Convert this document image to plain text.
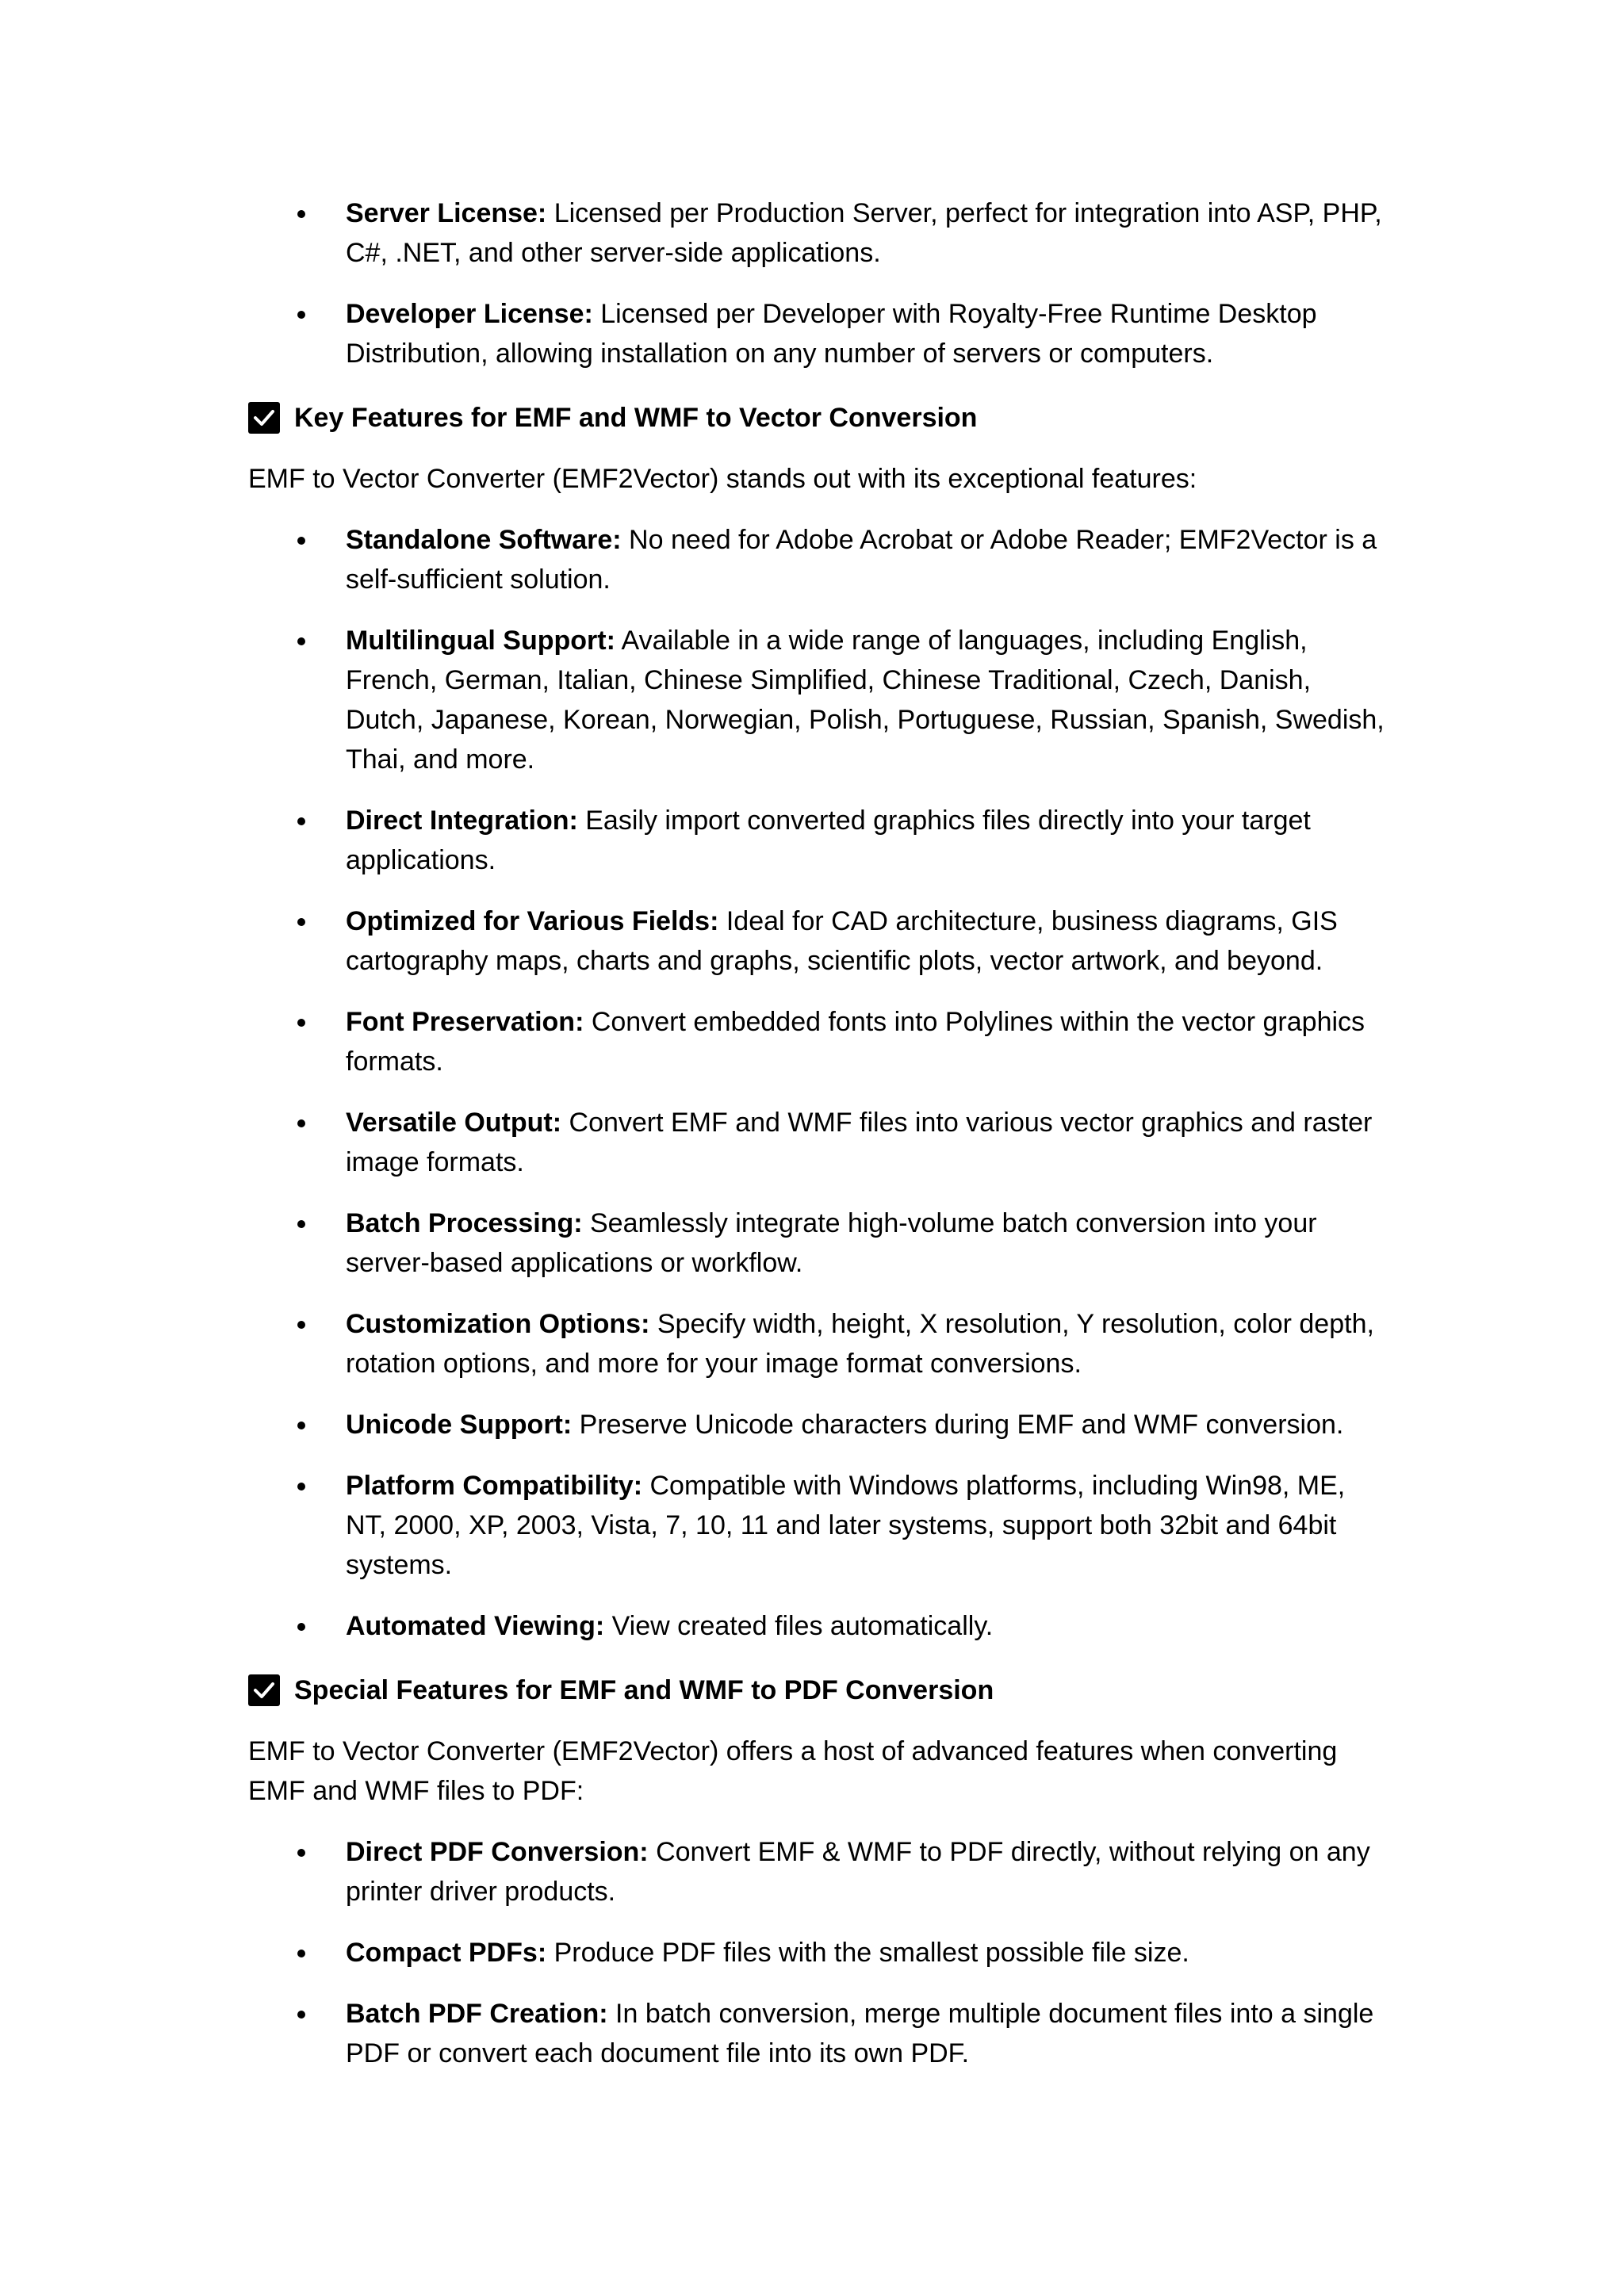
Server License: Licensed per Production Server, perfect for integration into ASP, PHP, C#, .NET, and other server-side applications.
Developer License: Licensed per Developer with Royalty-Free Runtime Desktop Distribution, allowing installation on any number of servers or computers.
Key Features for EMF and WMF to Vector Conversion
EMF to Vector Converter (EMF2Vector) stands out with its exceptional features:
Standalone Software: No need for Adobe Acrobat or Adobe Reader; EMF2Vector is a self-sufficient solution.
Multilingual Support: Available in a wide range of languages, including English, French, German, Italian, Chinese Simplified, Chinese Traditional, Czech, Danish, Dutch, Japanese, Korean, Norwegian, Polish, Portuguese, Russian, Spanish, Swedish, Thai, and more.
Direct Integration: Easily import converted graphics files directly into your target applications.
Optimized for Various Fields: Ideal for CAD architecture, business diagrams, GIS cartography maps, charts and graphs, scientific plots, vector artwork, and beyond.
Font Preservation: Convert embedded fonts into Polylines within the vector graphics formats.
Versatile Output: Convert EMF and WMF files into various vector graphics and raster image formats.
Batch Processing: Seamlessly integrate high-volume batch conversion into your server-based applications or workflow.
Customization Options: Specify width, height, X resolution, Y resolution, color depth, rotation options, and more for your image format conversions.
Unicode Support: Preserve Unicode characters during EMF and WMF conversion.
Platform Compatibility: Compatible with Windows platforms, including Win98, ME, NT, 2000, XP, 2003, Vista, 7, 10, 11 and later systems, support both 32bit and 64bit systems.
Automated Viewing: View created files automatically.
Special Features for EMF and WMF to PDF Conversion
EMF to Vector Converter (EMF2Vector) offers a host of advanced features when converting EMF and WMF files to PDF:
Direct PDF Conversion: Convert EMF & WMF to PDF directly, without relying on any printer driver products.
Compact PDFs: Produce PDF files with the smallest possible file size.
Batch PDF Creation: In batch conversion, merge multiple document files into a single PDF or convert each document file into its own PDF.
